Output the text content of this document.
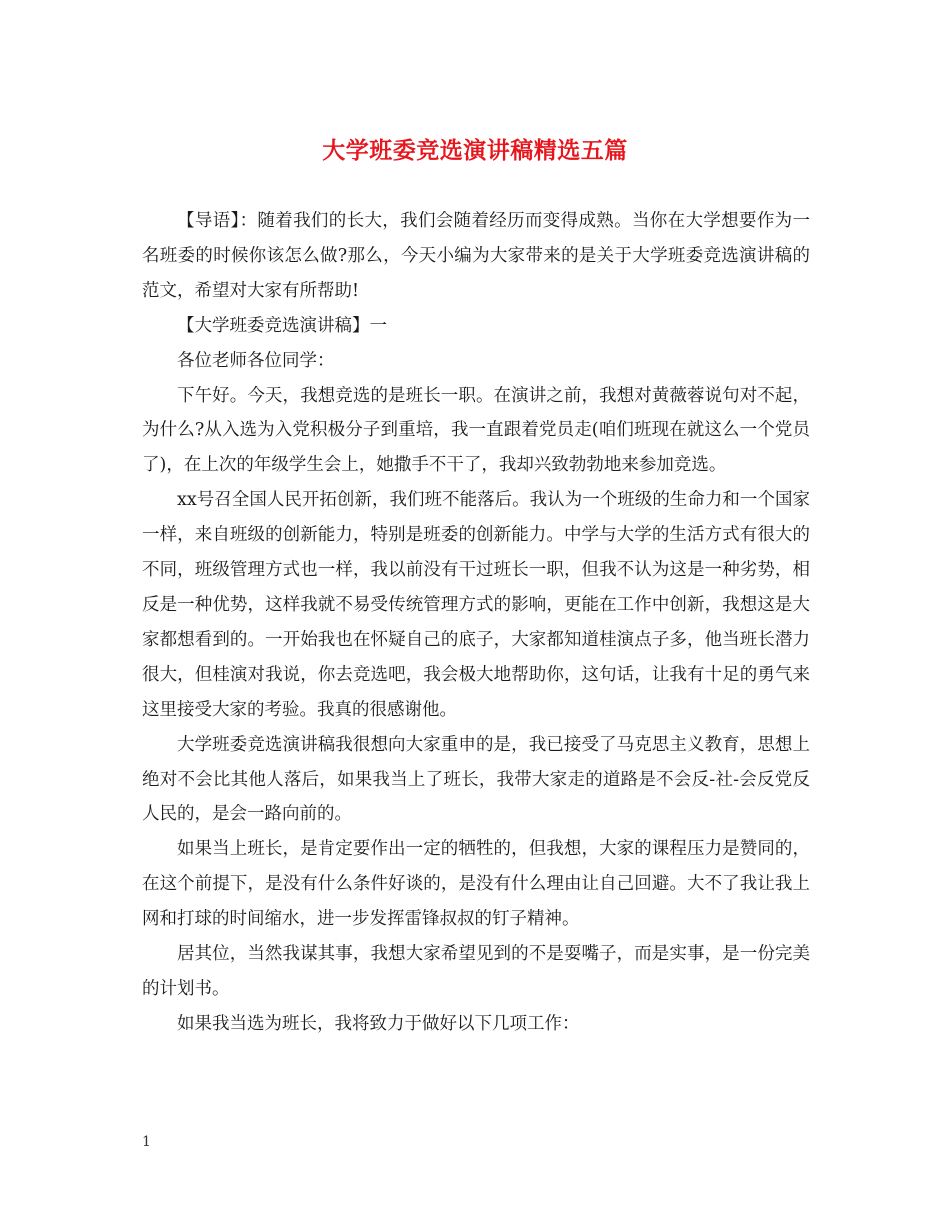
大学班委竞选演讲稿精选五篇

【导语】：随着我们的长大，我们会随着经历而变得成熟。当你在大学想要作为一名班委的时候你该怎么做?那么，今天小编为大家带来的是关于大学班委竞选演讲稿的范文，希望对大家有所帮助!

【大学班委竞选演讲稿】一

各位老师各位同学：

下午好。今天，我想竞选的是班长一职。在演讲之前，我想对黄薇蓉说句对不起，为什么?从入选为入党积极分子到重培，我一直跟着党员走(咱们班现在就这么一个党员了)，在上次的年级学生会上，她撒手不干了，我却兴致勃勃地来参加竞选。

xx号召全国人民开拓创新，我们班不能落后。我认为一个班级的生命力和一个国家一样，来自班级的创新能力，特别是班委的创新能力。中学与大学的生活方式有很大的不同，班级管理方式也一样，我以前没有干过班长一职，但我不认为这是一种劣势，相反是一种优势，这样我就不易受传统管理方式的影响，更能在工作中创新，我想这是大家都想看到的。一开始我也在怀疑自己的底子，大家都知道桂演点子多，他当班长潜力很大，但桂演对我说，你去竞选吧，我会极大地帮助你，这句话，让我有十足的勇气来这里接受大家的考验。我真的很感谢他。

大学班委竞选演讲稿我很想向大家重申的是，我已接受了马克思主义教育，思想上绝对不会比其他人落后，如果我当上了班长，我带大家走的道路是不会反-社-会反党反人民的，是会一路向前的。

如果当上班长，是肯定要作出一定的牺牲的，但我想，大家的课程压力是赞同的，在这个前提下，是没有什么条件好谈的，是没有什么理由让自己回避。大不了我让我上网和打球的时间缩水，进一步发挥雷锋叔叔的钉子精神。

居其位，当然我谋其事，我想大家希望见到的不是耍嘴子，而是实事，是一份完美的计划书。

如果我当选为班长，我将致力于做好以下几项工作：

1
